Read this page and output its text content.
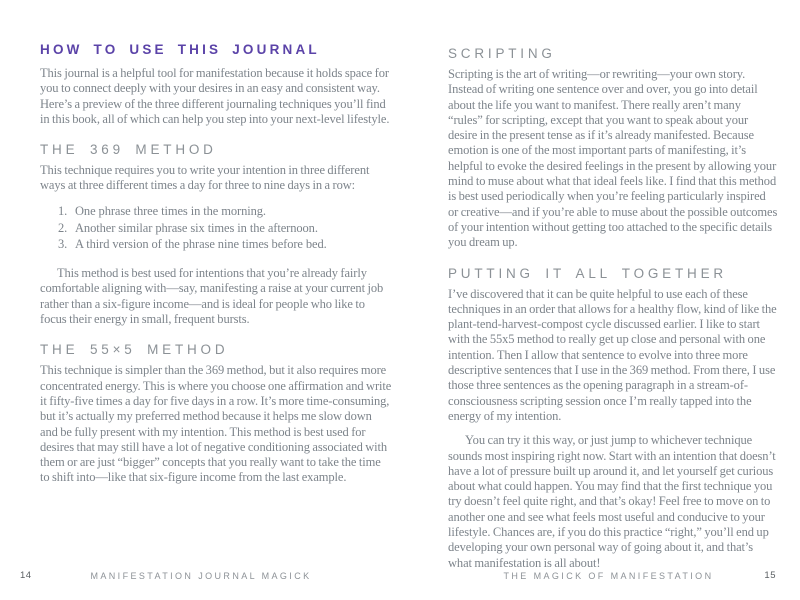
HOW TO USE THIS JOURNAL

This journal is a helpful tool for manifestation because it holds space for you to connect deeply with your desires in an easy and consistent way. Here’s a preview of the three different journaling techniques you’ll find in this book, all of which can help you step into your next-level lifestyle.

THE 369 METHOD

This technique requires you to write your intention in three different ways at three different times a day for three to nine days in a row:

1. One phrase three times in the morning.
2. Another similar phrase six times in the afternoon.
3. A third version of the phrase nine times before bed.

This method is best used for intentions that you’re already fairly comfortable aligning with—say, manifesting a raise at your current job rather than a six-figure income—and is ideal for people who like to focus their energy in small, frequent bursts.

THE 55×5 METHOD

This technique is simpler than the 369 method, but it also requires more concentrated energy. This is where you choose one affirmation and write it fifty-five times a day for five days in a row. It’s more time-consuming, but it’s actually my preferred method because it helps me slow down and be fully present with my intention. This method is best used for desires that may still have a lot of negative conditioning associated with them or are just “bigger” concepts that you really want to take the time to shift into—like that six-figure income from the last example.

SCRIPTING

Scripting is the art of writing—or rewriting—your own story. Instead of writing one sentence over and over, you go into detail about the life you want to manifest. There really aren’t many “rules” for scripting, except that you want to speak about your desire in the present tense as if it’s already manifested. Because emotion is one of the most important parts of manifesting, it’s helpful to evoke the desired feelings in the present by allowing your mind to muse about what that ideal feels like. I find that this method is best used periodically when you’re feeling particularly inspired or creative—and if you’re able to muse about the possible outcomes of your intention without getting too attached to the specific details you dream up.

PUTTING IT ALL TOGETHER

I’ve discovered that it can be quite helpful to use each of these techniques in an order that allows for a healthy flow, kind of like the plant-tend-harvest-compost cycle discussed earlier. I like to start with the 55x5 method to really get up close and personal with one intention. Then I allow that sentence to evolve into three more descriptive sentences that I use in the 369 method. From there, I use those three sentences as the opening paragraph in a stream-of-consciousness scripting session once I’m really tapped into the energy of my intention.

You can try it this way, or just jump to whichever technique sounds most inspiring right now. Start with an intention that doesn’t have a lot of pressure built up around it, and let yourself get curious about what could happen. You may find that the first technique you try doesn’t feel quite right, and that’s okay! Feel free to move on to another one and see what feels most useful and conducive to your lifestyle. Chances are, if you do this practice “right,” you’ll end up developing your own personal way of going about it, and that’s what manifestation is all about!

14	MANIFESTATION JOURNAL MAGICK	THE MAGICK OF MANIFESTATION	15
